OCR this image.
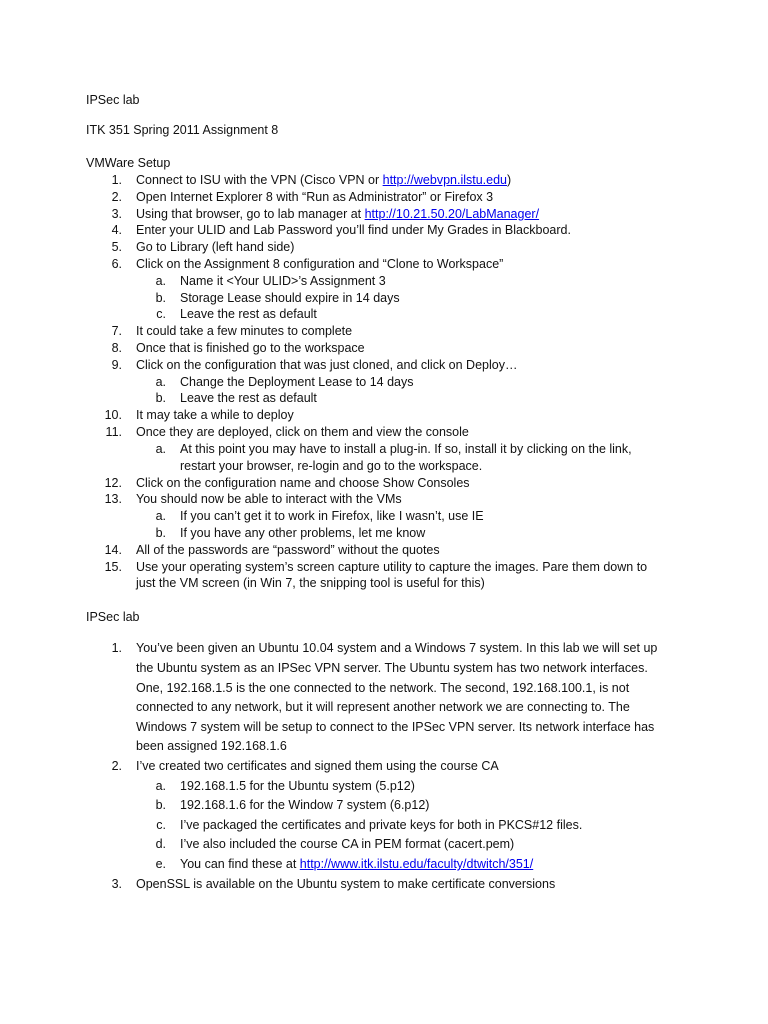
IPSec lab
ITK 351 Spring 2011 Assignment 8
VMWare Setup
1. Connect to ISU with the VPN (Cisco VPN or http://webvpn.ilstu.edu)
2. Open Internet Explorer 8 with “Run as Administrator” or Firefox 3
3. Using that browser, go to lab manager at http://10.21.50.20/LabManager/
4. Enter your ULID and Lab Password you’ll find under My Grades in Blackboard.
5. Go to Library (left hand side)
6. Click on the Assignment 8 configuration and “Clone to Workspace”
a. Name it <Your ULID>’s Assignment 3
b. Storage Lease should expire in 14 days
c. Leave the rest as default
7. It could take a few minutes to complete
8. Once that is finished go to the workspace
9. Click on the configuration that was just cloned, and click on Deploy…
a. Change the Deployment Lease to 14 days
b. Leave the rest as default
10. It may take a while to deploy
11. Once they are deployed, click on them and view the console
a. At this point you may have to install a plug-in. If so, install it by clicking on the link,
restart your browser, re-login and go to the workspace.
12. Click on the configuration name and choose Show Consoles
13. You should now be able to interact with the VMs
a. If you can’t get it to work in Firefox, like I wasn’t, use IE
b. If you have any other problems, let me know
14. All of the passwords are “password” without the quotes
15. Use your operating system’s screen capture utility to capture the images. Pare them down to
just the VM screen (in Win 7, the snipping tool is useful for this)
IPSec lab
1. You’ve been given an Ubuntu 10.04 system and a Windows 7 system. In this lab we will set up
the Ubuntu system as an IPSec VPN server. The Ubuntu system has two network interfaces.
One, 192.168.1.5 is the one connected to the network. The second, 192.168.100.1, is not
connected to any network, but it will represent another network we are connecting to. The
Windows 7 system will be setup to connect to the IPSec VPN server. Its network interface has
been assigned 192.168.1.6
2. I’ve created two certificates and signed them using the course CA
a. 192.168.1.5 for the Ubuntu system (5.p12)
b. 192.168.1.6 for the Window 7 system (6.p12)
c. I’ve packaged the certificates and private keys for both in PKCS#12 files.
d. I’ve also included the course CA in PEM format (cacert.pem)
e. You can find these at http://www.itk.ilstu.edu/faculty/dtwitch/351/
3. OpenSSL is available on the Ubuntu system to make certificate conversions
